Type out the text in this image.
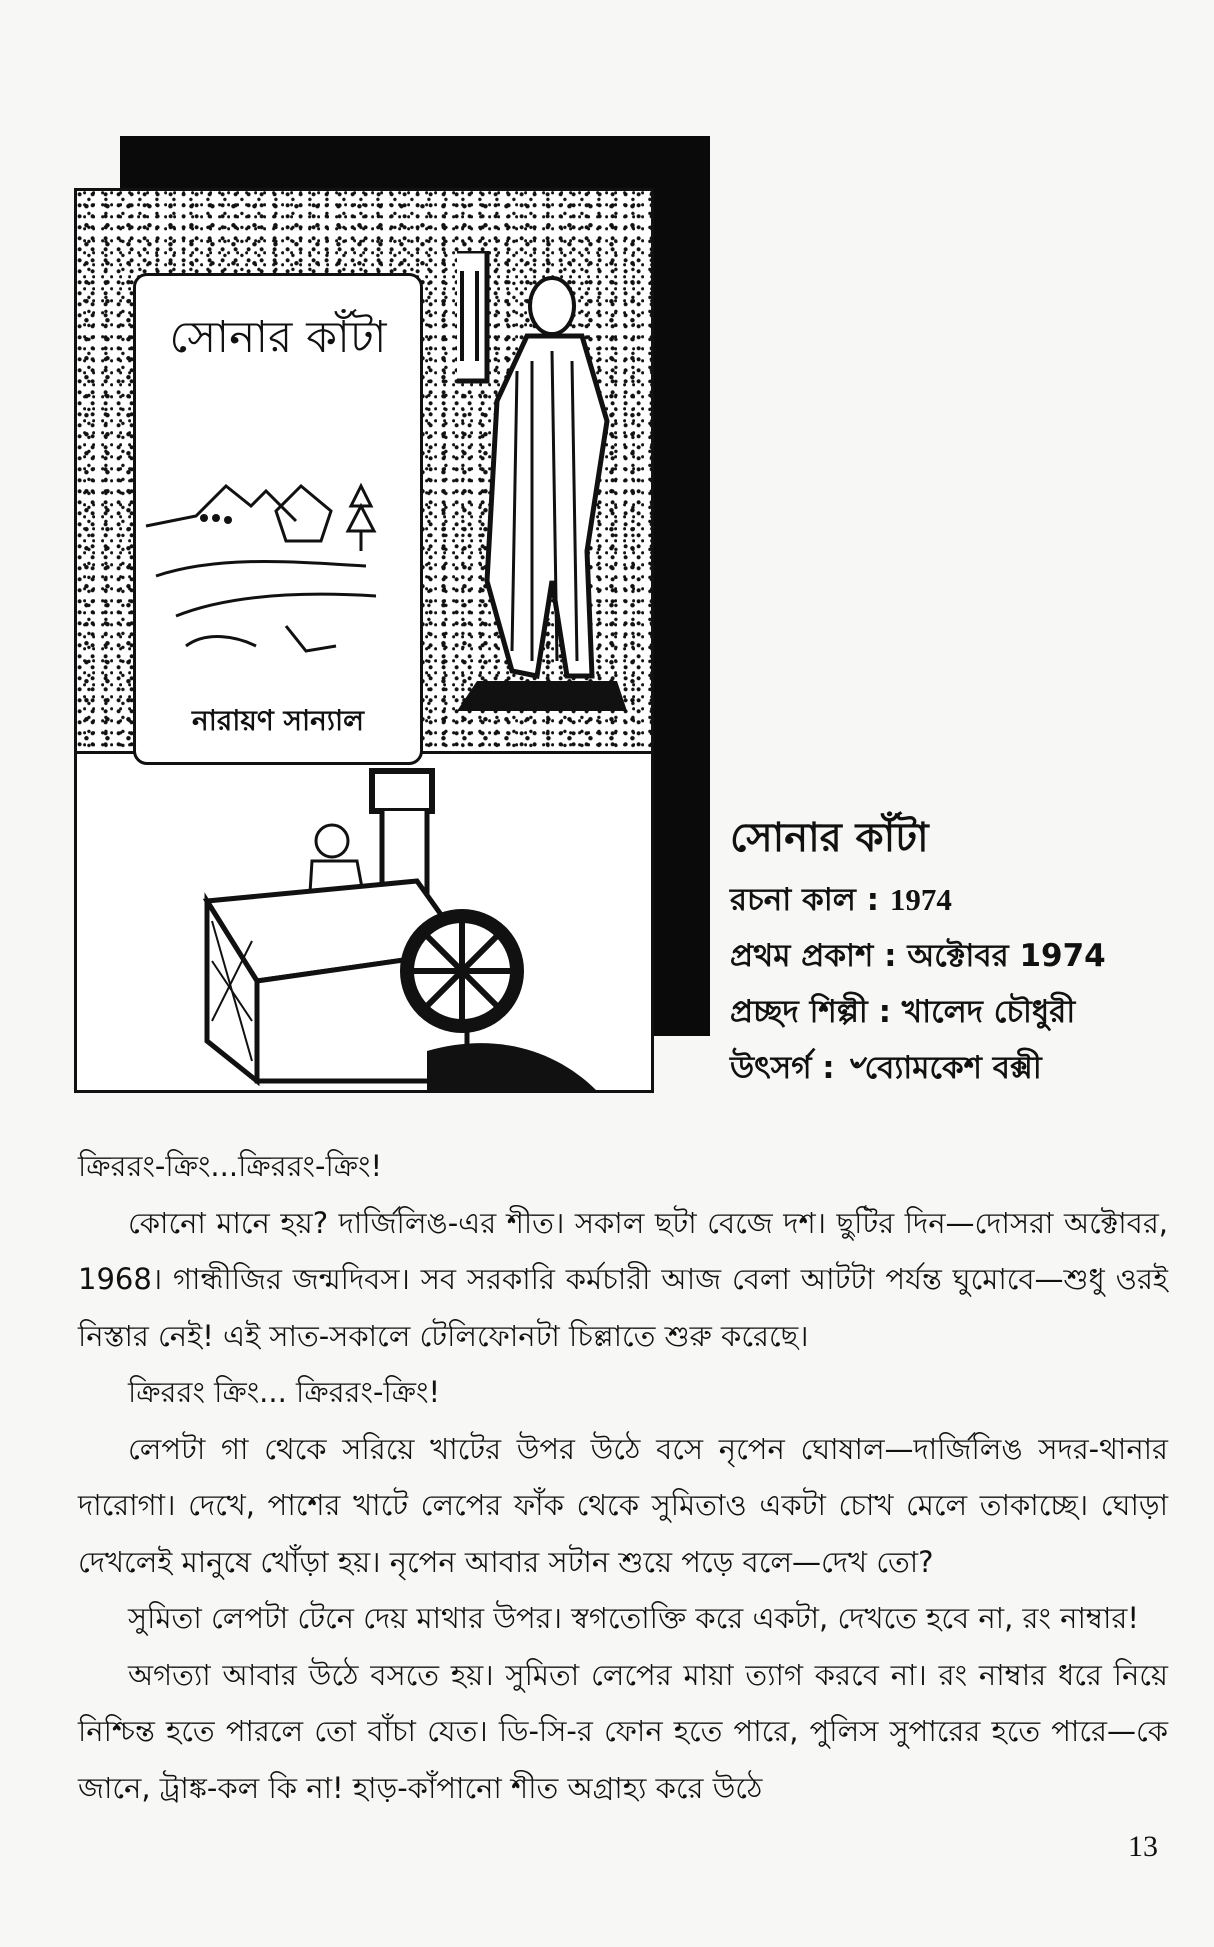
সোনার কাঁটা
নারায়ণ সান্যাল
সোনার কাঁটা
রচনা কাল : 1974
প্রথম প্রকাশ : অক্টোবর 1974
প্রচ্ছদ শিল্পী : খালেদ চৌধুরী
উৎসর্গ : ৺ব্যোমকেশ বক্সী

ক্রিররং-ক্রিং...ক্রিররং-ক্রিং!

কোনো মানে হয়? দার্জিলিঙ-এর শীত। সকাল ছটা বেজে দশ। ছুটির দিন—দোসরা অক্টোবর, 1968। গান্ধীজির জন্মদিবস। সব সরকারি কর্মচারী আজ বেলা আটটা পর্যন্ত ঘুমোবে—শুধু ওরই নিস্তার নেই! এই সাত-সকালে টেলিফোনটা চিল্লাতে শুরু করেছে।

ক্রিররং ক্রিং... ক্রিররং-ক্রিং!

লেপটা গা থেকে সরিয়ে খাটের উপর উঠে বসে নৃপেন ঘোষাল—দার্জিলিঙ সদর-থানার দারোগা। দেখে, পাশের খাটে লেপের ফাঁক থেকে সুমিতাও একটা চোখ মেলে তাকাচ্ছে। ঘোড়া দেখলেই মানুষে খোঁড়া হয়। নৃপেন আবার সটান শুয়ে পড়ে বলে—দেখ তো?

সুমিতা লেপটা টেনে দেয় মাথার উপর। স্বগতোক্তি করে একটা, দেখতে হবে না, রং নাম্বার!

অগত্যা আবার উঠে বসতে হয়। সুমিতা লেপের মায়া ত্যাগ করবে না। রং নাম্বার ধরে নিয়ে নিশ্চিন্ত হতে পারলে তো বাঁচা যেত। ডি-সি-র ফোন হতে পারে, পুলিস সুপারের হতে পারে—কে জানে, ট্রাঙ্ক-কল কি না! হাড়-কাঁপানো শীত অগ্রাহ্য করে উঠে

13
